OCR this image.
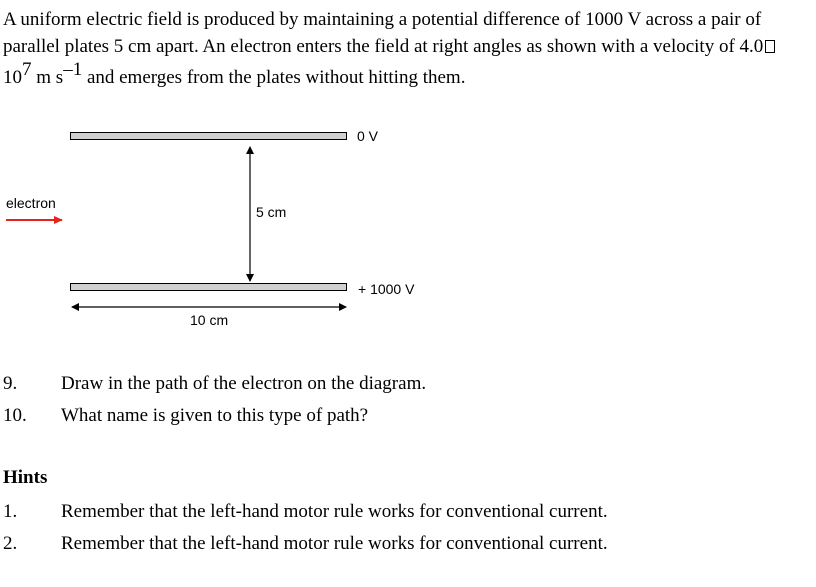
A uniform electric field is produced by maintaining a potential difference of 1000 V across a pair of
parallel plates 5 cm apart. An electron enters the field at right angles as shown with a velocity of 4.0
107 m s–1 and emerges from the plates without hitting them.
0 V
+ 1000 V
electron
5 cm
10 cm
9. Draw in the path of the electron on the diagram.
10. What name is given to this type of path?
Hints
1. Remember that the left-hand motor rule works for conventional current.
2. Remember that the left-hand motor rule works for conventional current.
